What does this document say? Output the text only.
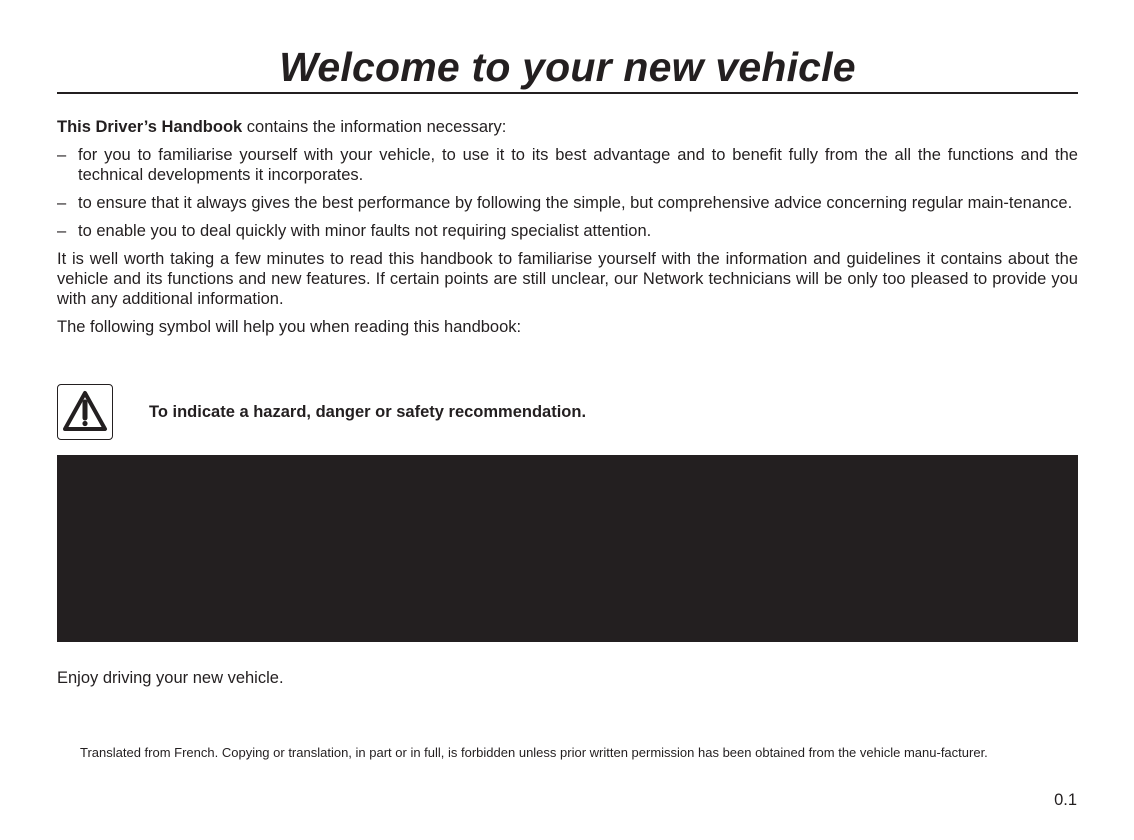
Welcome to your new vehicle

This Driver’s Handbook contains the information necessary:

– for you to familiarise yourself with your vehicle, to use it to its best advantage and to benefit fully from the all the functions and the technical developments it incorporates.
– to ensure that it always gives the best performance by following the simple, but comprehensive advice concerning regular main-tenance.
– to enable you to deal quickly with minor faults not requiring specialist attention.

It is well worth taking a few minutes to read this handbook to familiarise yourself with the information and guidelines it contains about the vehicle and its functions and new features. If certain points are still unclear, our Network technicians will be only too pleased to provide you with any additional information.

The following symbol will help you when reading this handbook:

To indicate a hazard, danger or safety recommendation.
Enjoy driving your new vehicle.
Translated from French. Copying or translation, in part or in full, is forbidden unless prior written permission has been obtained from the vehicle manu-facturer.
0.1
